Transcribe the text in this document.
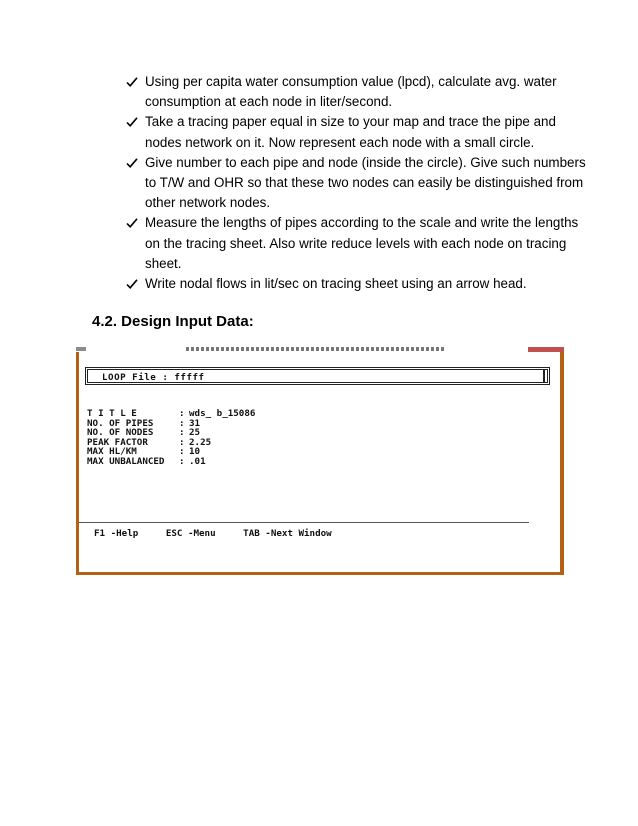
Using per capita water consumption value (lpcd), calculate avg. water consumption at each node in liter/second.
Take a tracing paper equal in size to your map and trace the pipe and nodes network on it. Now represent each node with a small circle.
Give number to each pipe and node (inside the circle). Give such numbers to T/W and OHR so that these two nodes can easily be distinguished from other network nodes.
Measure the lengths of pipes according to the scale and write the lengths on the tracing sheet. Also write reduce levels with each node on tracing sheet.
Write nodal flows in lit/sec on tracing sheet using an arrow head.
4.2. Design Input Data:
LOOP File : fffff
T I T L E	: wds_ b_15086
NO. OF PIPES	: 31
NO. OF NODES	: 25
PEAK FACTOR	: 2.25
MAX HL/KM	: 10
MAX UNBALANCED : .01
F1 -Help	ESC -Menu	TAB -Next Window
